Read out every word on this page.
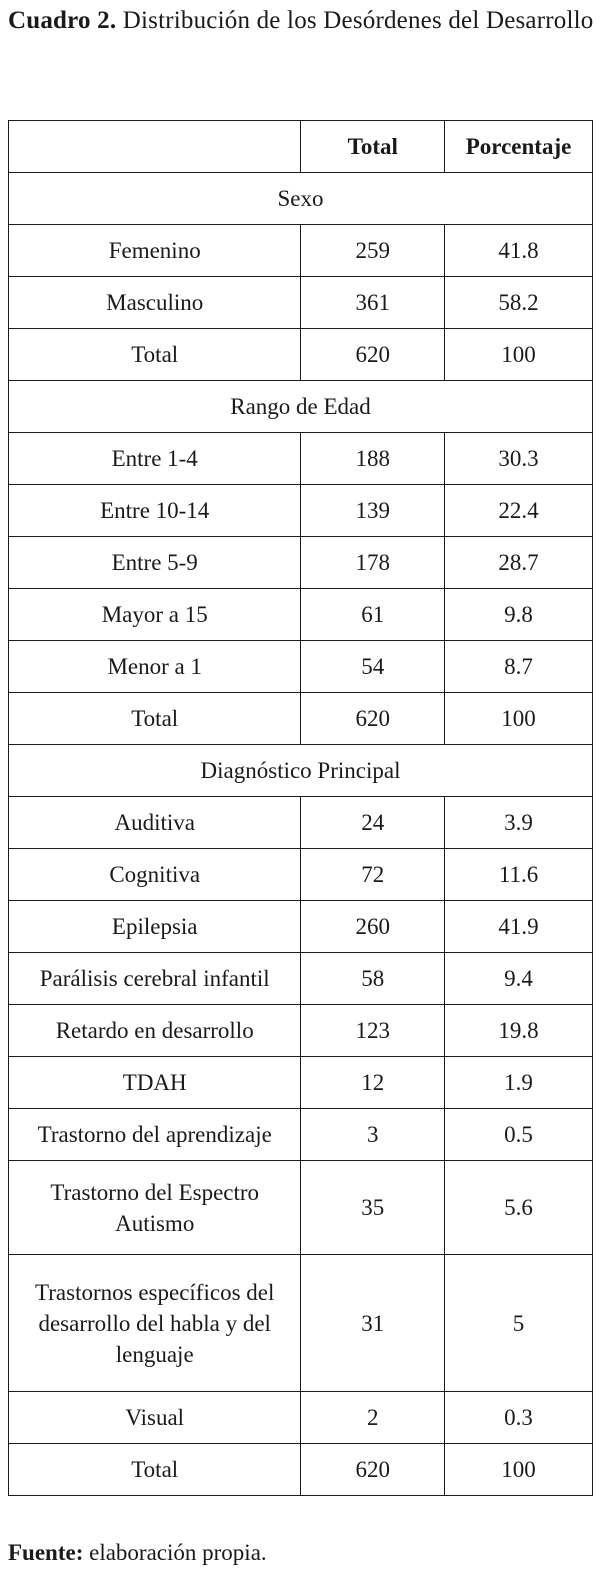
Cuadro 2. Distribución de los Desórdenes del Desarrollo
	Total	Porcentaje
Sexo		
Femenino	259	41.8
Masculino	361	58.2
Total	620	100
Rango de Edad		
Entre 1-4	188	30.3
Entre 10-14	139	22.4
Entre 5-9	178	28.7
Mayor a 15	61	9.8
Menor a 1	54	8.7
Total	620	100
Diagnóstico Principal		
Auditiva	24	3.9
Cognitiva	72	11.6
Epilepsia	260	41.9
Parálisis cerebral infantil	58	9.4
Retardo en desarrollo	123	19.8
TDAH	12	1.9
Trastorno del aprendizaje	3	0.5
Trastorno del Espectro Autismo	35	5.6
Trastornos específicos del desarrollo del habla y del lenguaje	31	5
Visual	2	0.3
Total	620	100
Fuente: elaboración propia.
